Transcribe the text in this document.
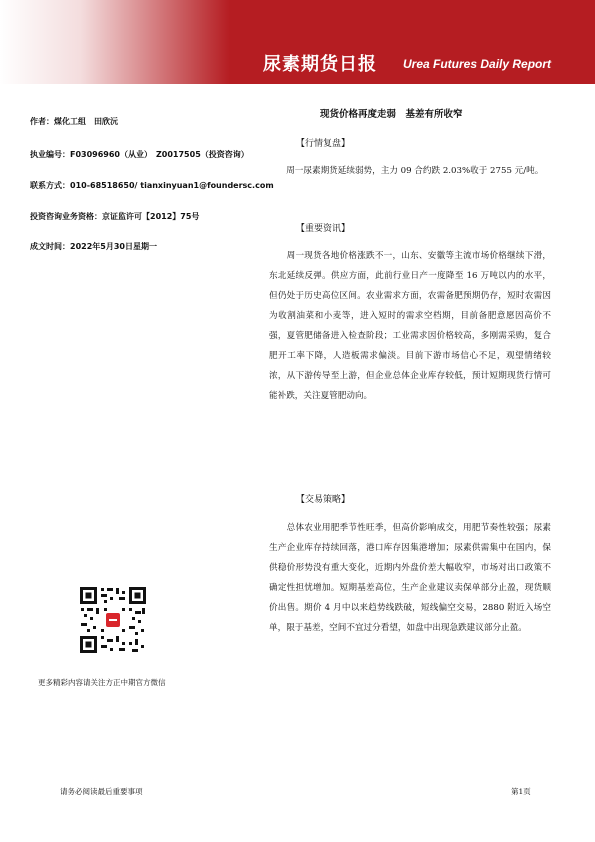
尿素期货日报 Urea Futures Daily Report
作者：煤化工组　田欣沅
执业编号：F03096960（从业）　Z0017505（投资咨询）
联系方式：010-68518650/ tianxinyuan1@foundersc.com
投资咨询业务资格：京证监许可【2012】75号
成文时间：2022年5月30日星期一
现货价格再度走弱　基差有所收窄
【行情复盘】
　　周一尿素期货延续弱势，主力 09 合约跌 2.03%收于 2755 元/吨。
【重要资讯】
　　周一现货各地价格涨跌不一，山东、安徽等主流市场价格继续下滑，东北延续反弹。供应方面，此前行业日产一度降至 16 万吨以内的水平，但仍处于历史高位区间。农业需求方面，农需备肥预期仍存，短时农需因为收割油菜和小麦等，进入短时的需求空档期，目前备肥意愿因高价不强，夏管肥储备进入检查阶段；工业需求因价格较高，多刚需采购，复合肥开工率下降，人造板需求偏淡。目前下游市场信心不足，观望情绪较浓，从下游传导至上游，但企业总体企业库存较低，预计短期现货行情可能补跌，关注夏管肥动向。
【交易策略】
　　总体农业用肥季节性旺季，但高价影响成交，用肥节奏性较强；尿素生产企业库存持续回落，港口库存因集港增加；尿素供需集中在国内，保供稳价形势没有重大变化，近期内外盘价差大幅收窄，市场对出口政策不确定性担忧增加。短期基差高位，生产企业建议卖保单部分止盈，现货顺价出售。期价 4 月中以来趋势线跌破，短线偏空交易，2880 附近入场空单，限于基差，空间不宜过分看望，如盘中出现急跌建议部分止盈。
更多精彩内容请关注方正中期官方微信
请务必阅读最后重要事项	第1页
